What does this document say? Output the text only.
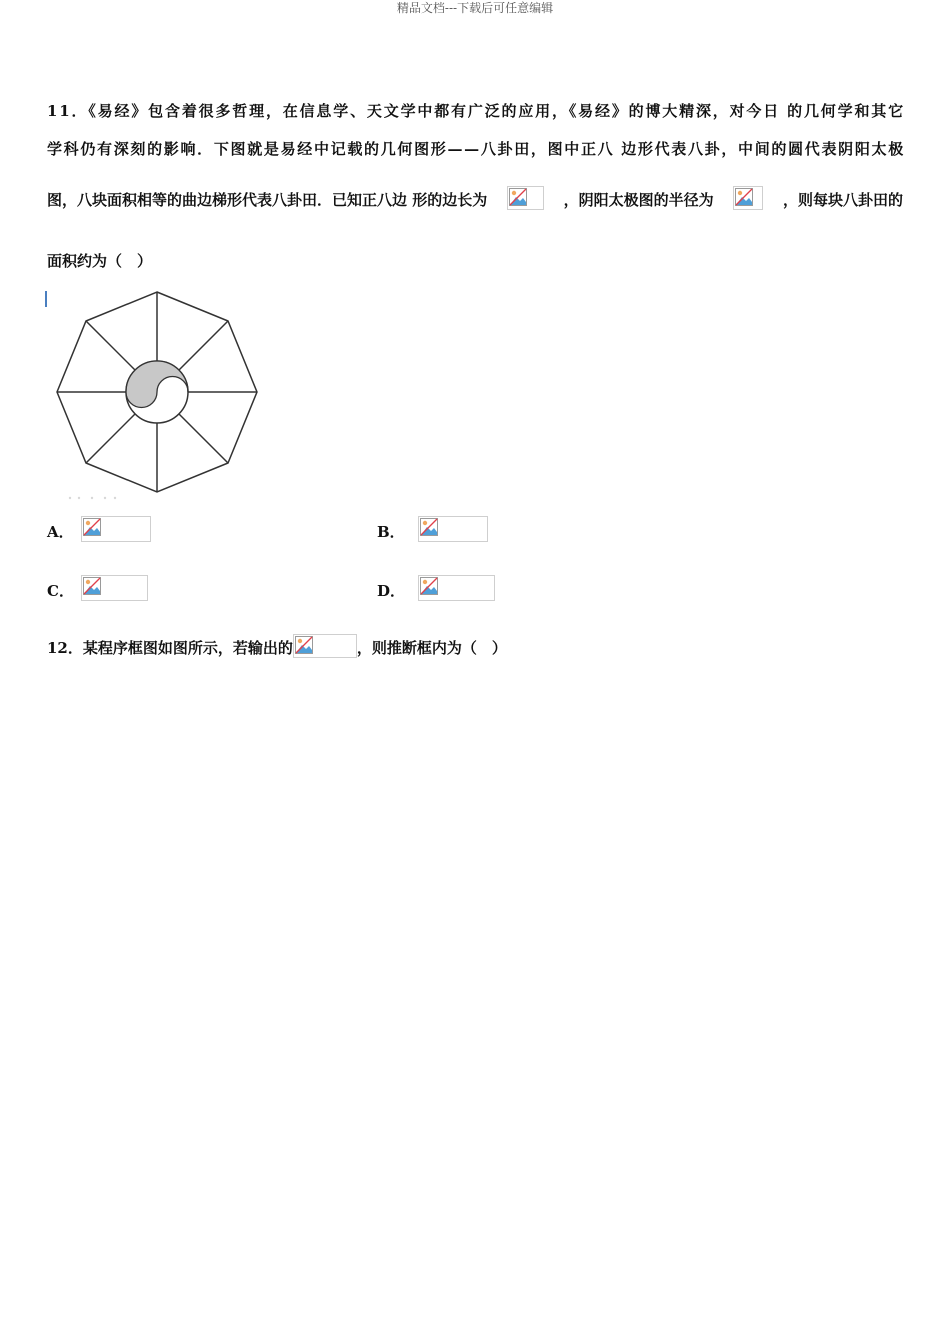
精品文档---下载后可任意编辑
11．《易经》包含着很多哲理，在信息学、天文学中都有广泛的应用，《易经》的博大精深，对今日 的几何学和其它
学科仍有深刻的影响．下图就是易经中记载的几何图形——八卦田，图中正八 边形代表八卦，中间的圆代表阴阳太极
图，八块面积相等的曲边梯形代表八卦田．已知正八边 形的边长为	，阴阳太极图的半径为	，则每块八卦田的
面积约为（　）
A．	B．
C．	D．
12．某程序框图如图所示，若输出的	，则推断框内为（　）
